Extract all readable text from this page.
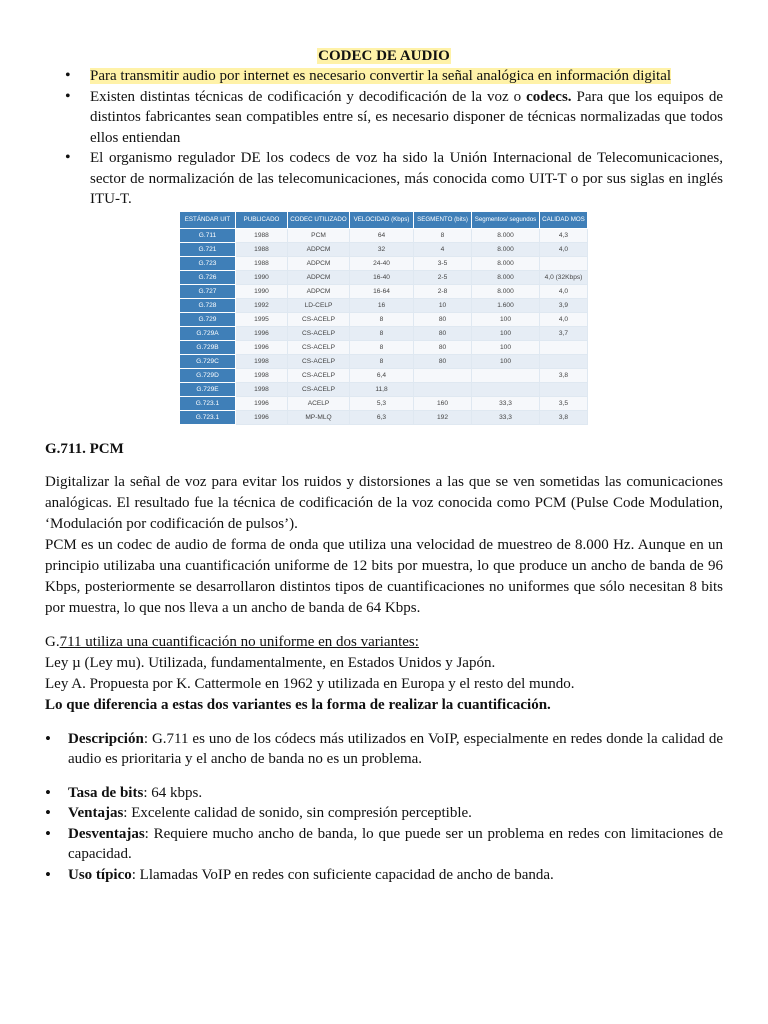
CODEC DE AUDIO
• Para transmitir audio por internet es necesario convertir la señal analógica en información digital
• Existen distintas técnicas de codificación y decodificación de la voz o codecs. Para que los equipos de distintos fabricantes sean compatibles entre sí, es necesario disponer de técnicas normalizadas que todos ellos entiendan
• El organismo regulador DE los codecs de voz ha sido la Unión Internacional de Telecomunicaciones, sector de normalización de las telecomunicaciones, más conocida como UIT-T o por sus siglas en inglés ITU-T.
ESTÁNDAR UIT	PUBLICADO	CODEC UTILIZADO	VELOCIDAD (Kbps)	SEGMENTO (bits)	Segmentos/ segundos	CALIDAD MOS
G.711	1988	PCM	64	8	8.000	4,3
G.721	1988	ADPCM	32	4	8.000	4,0
G.723	1988	ADPCM	24-40	3-5	8.000	
G.726	1990	ADPCM	16-40	2-5	8.000	4,0 (32Kbps)
G.727	1990	ADPCM	16-64	2-8	8.000	4,0
G.728	1992	LD-CELP	16	10	1.600	3,9
G.729	1995	CS-ACELP	8	80	100	4,0
G.729A	1996	CS-ACELP	8	80	100	3,7
G.729B	1996	CS-ACELP	8	80	100	
G.729C	1998	CS-ACELP	8	80	100	
G.729D	1998	CS-ACELP	6,4			3,8
G.729E	1998	CS-ACELP	11,8			
G.723.1	1996	ACELP	5,3	160	33,3	3,5
G.723.1	1996	MP-MLQ	6,3	192	33,3	3,8
G.711. PCM

Digitalizar la señal de voz para evitar los ruidos y distorsiones a las que se ven sometidas las comunicaciones analógicas. El resultado fue la técnica de codificación de la voz conocida como PCM (Pulse Code Modulation, ‘Modulación por codificación de pulsos’).

PCM es un codec de audio de forma de onda que utiliza una velocidad de muestreo de 8.000 Hz. Aunque en un principio utilizaba una cuantificación uniforme de 12 bits por muestra, lo que produce un ancho de banda de 96 Kbps, posteriormente se desarrollaron distintos tipos de cuantificaciones no uniformes que sólo necesitan 8 bits por muestra, lo que nos lleva a un ancho de banda de 64 Kbps.

G.711 utiliza una cuantificación no uniforme en dos variantes:

Ley µ (Ley mu). Utilizada, fundamentalmente, en Estados Unidos y Japón.

Ley A. Propuesta por K. Cattermole en 1962 y utilizada en Europa y el resto del mundo.

Lo que diferencia a estas dos variantes es la forma de realizar la cuantificación.

• Descripción: G.711 es uno de los códecs más utilizados en VoIP, especialmente en redes donde la calidad de audio es prioritaria y el ancho de banda no es un problema.
• Tasa de bits: 64 kbps.
• Ventajas: Excelente calidad de sonido, sin compresión perceptible.
• Desventajas: Requiere mucho ancho de banda, lo que puede ser un problema en redes con limitaciones de capacidad.
• Uso típico: Llamadas VoIP en redes con suficiente capacidad de ancho de banda.
